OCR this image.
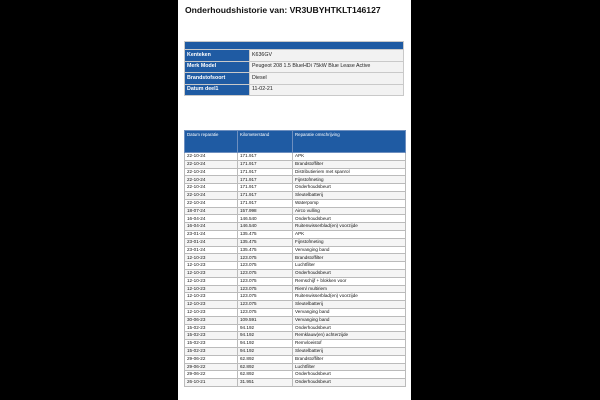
Onderhoudshistorie van: VR3UBYHTKLT146127

Kenteken	K636GV
Merk Model	Peugeot 208 1.5 BlueHDi 75kW Blue Lease Active
Brandstofsoort	Diesel
Datum deel1	11-02-21
Datum reparatie	Kilometerstand	Reparatie omschrijving
22-10-24	171.917	APK
22-10-24	171.917	Brandstoffilter
22-10-24	171.917	Distributieriem met spanrol
22-10-24	171.917	Fijnstofmeting
22-10-24	171.917	Onderhoudsbeurt
22-10-24	171.917	Sleutelbatterij
22-10-24	171.917	Waterpomp
18-07-24	157.998	Airco vulling
16-04-24	146.540	Onderhoudsbeurt
16-04-24	146.540	Ruitenwisserblad(en) voorzijde
23-01-24	135.475	APK
23-01-24	135.475	Fijnstofmeting
23-01-24	135.475	Vervanging band
12-10-23	123.075	Brandstoffilter
12-10-23	123.075	Luchtfilter
12-10-23	123.075	Onderhoudsbeurt
12-10-23	123.075	Remschijf + blokken voor
12-10-23	123.075	Riem/ multiriem
12-10-23	123.075	Ruitenwisserblad(en) voorzijde
12-10-23	123.075	Sleutelbatterij
12-10-23	123.075	Vervanging band
30-06-23	109.591	Vervanging band
15-02-23	94.192	Onderhoudsbeurt
15-02-23	94.192	Remklauw(en) achterzijde
15-02-23	94.192	Remvloeistof
15-02-23	94.192	Sleutelbatterij
29-06-22	62.892	Brandstoffilter
29-06-22	62.892	Luchtfilter
29-06-22	62.892	Onderhoudsbeurt
26-10-21	31.951	Onderhoudsbeurt
